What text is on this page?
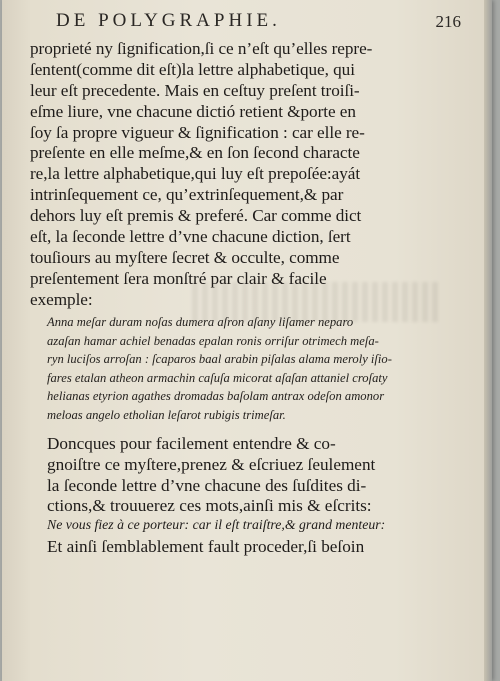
DE POLYGRAPHIE.	216
proprieté ny ſignification,ſi ce n’eſt qu’elles repre-
ſentent(comme dit eſt)la lettre alphabetique, qui
leur eſt precedente. Mais en ceſtuy preſent troiſi-
eſme liure, vne chacune dictió retient &porte en
ſoy ſa propre vigueur & ſignification : car elle re-
preſente en elle meſme,& en ſon ſecond characte
re,la lettre alphabetique,qui luy eſt prepoſée:ayát
intrinſequement ce, qu’extrinſequement,& par
dehors luy eſt premis & preferé. Car comme dict
eſt, la ſeconde lettre d’vne chacune diction, ſert
touſiours au myſtere ſecret & occulte, comme
preſentement ſera monſtré par clair & facile
exemple:
Anna meſar duram noſas dumera aſron aſany liſamer neparo
azaſan hamar achiel benadas epalan ronis orriſur otrimech meſa-
ryn luciſos arroſan : ſcaparos baal arabin piſalas alama meroly iſio-
fares etalan atheon armachin caſuſa micorat aſaſan attaniel croſaty
helianas etyrion agathes dromadas baſolam antrax odeſon amonor
meloas angelo etholian leſarot rubigis trimeſar.
Doncques pour facilement entendre & co-
gnoiſtre ce myſtere,prenez & eſcriuez ſeulement
la ſeconde lettre d’vne chacune des ſuſdites di-
ctions,& trouuerez ces mots,ainſi mis & eſcrits:
Ne vous fiez à ce porteur: car il eſt traiſtre,& grand menteur:
Et ainſi ſemblablement fault proceder,ſi beſoin
